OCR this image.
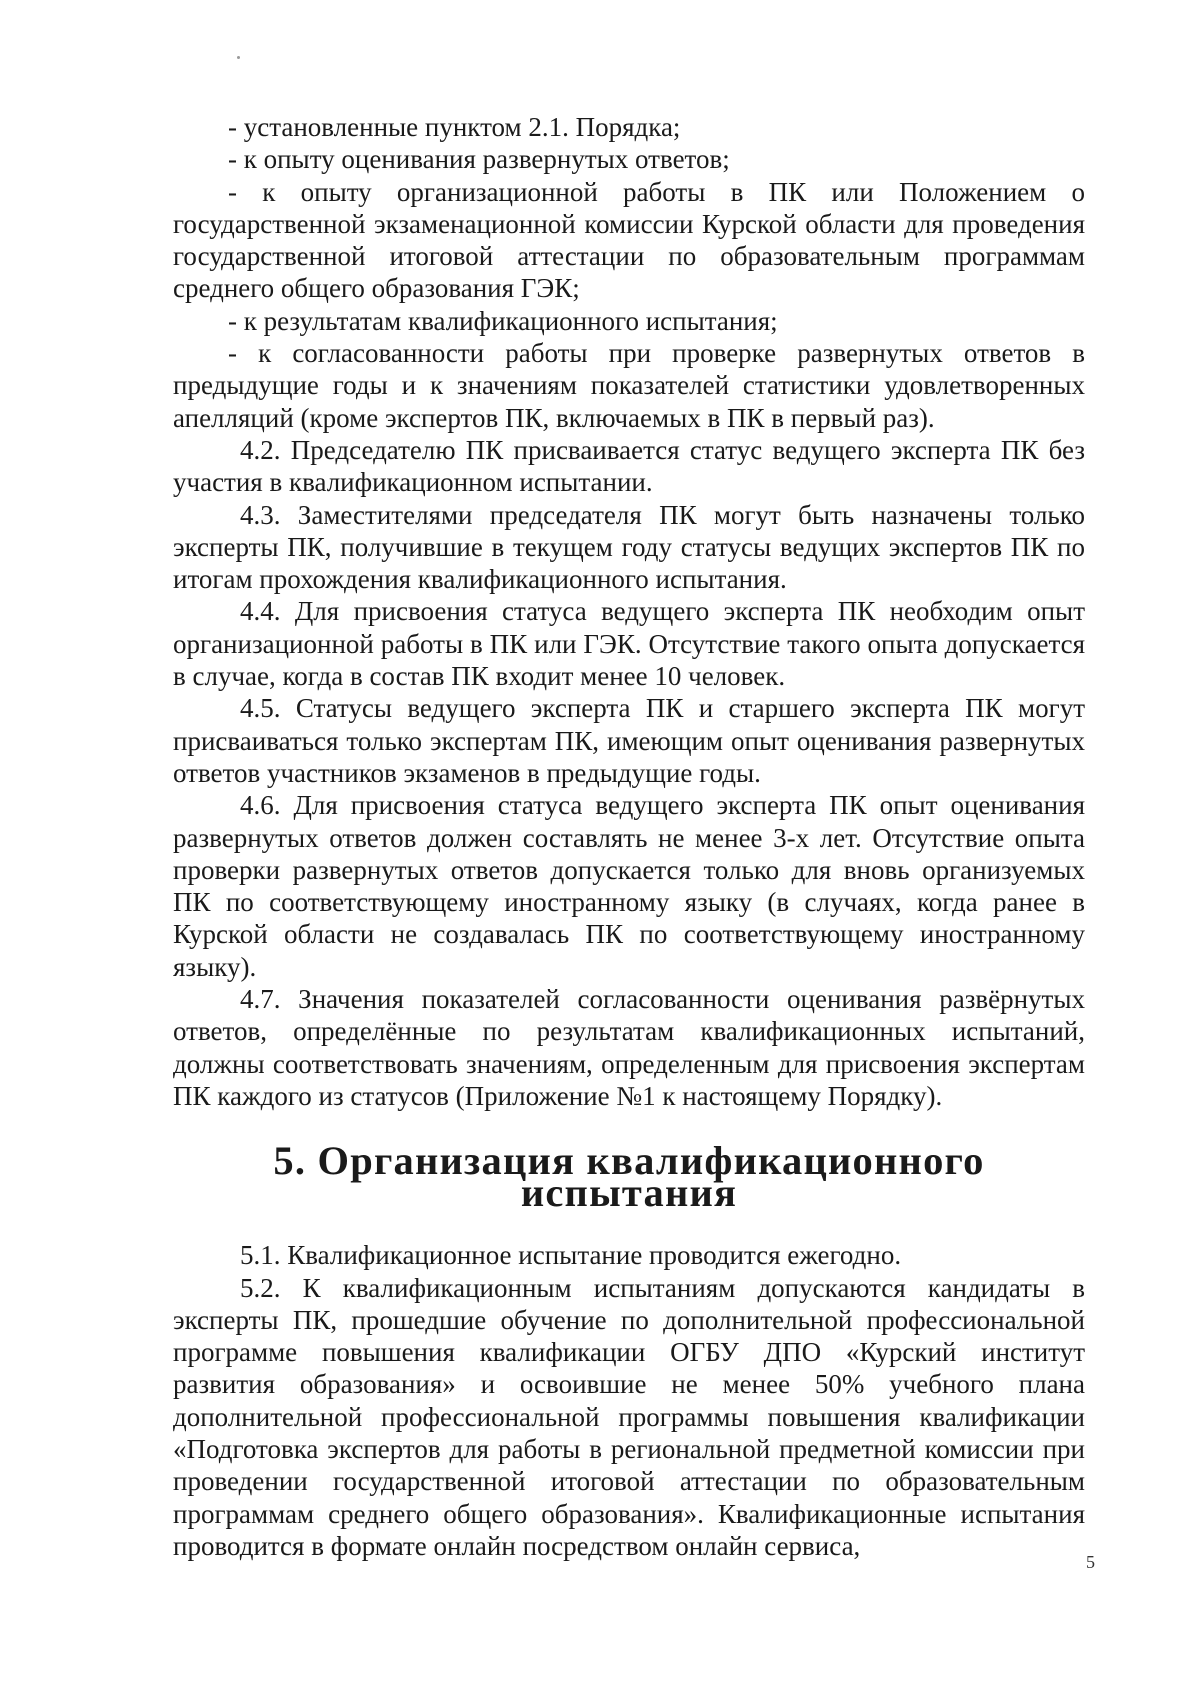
- установленные пунктом 2.1. Порядка;

- к опыту оценивания развернутых ответов;

- к опыту организационной работы в ПК или Положением о государственной экзаменационной комиссии Курской области для проведения государственной итоговой аттестации по образовательным программам среднего общего образования ГЭК;

- к результатам квалификационного испытания;

- к согласованности работы при проверке развернутых ответов в предыдущие годы и к значениям показателей статистики удовлетворенных апелляций (кроме экспертов ПК, включаемых в ПК в первый раз).

4.2. Председателю ПК присваивается статус ведущего эксперта ПК без участия в квалификационном испытании.

4.3. Заместителями председателя ПК могут быть назначены только эксперты ПК, получившие в текущем году статусы ведущих экспертов ПК по итогам прохождения квалификационного испытания.

4.4. Для присвоения статуса ведущего эксперта ПК необходим опыт организационной работы в ПК или ГЭК. Отсутствие такого опыта допускается в случае, когда в состав ПК входит менее 10 человек.

4.5. Статусы ведущего эксперта ПК и старшего эксперта ПК могут присваиваться только экспертам ПК, имеющим опыт оценивания развернутых ответов участников экзаменов в предыдущие годы.

4.6. Для присвоения статуса ведущего эксперта ПК опыт оценивания развернутых ответов должен составлять не менее 3-х лет. Отсутствие опыта проверки развернутых ответов допускается только для вновь организуемых ПК по соответствующему иностранному языку (в случаях, когда ранее в Курской области не создавалась ПК по соответствующему иностранному языку).

4.7. Значения показателей согласованности оценивания развёрнутых ответов, определённые по результатам квалификационных испытаний, должны соответствовать значениям, определенным для присвоения экспертам ПК каждого из статусов (Приложение №1 к настоящему Порядку).

5. Организация квалификационного испытания

5.1. Квалификационное испытание проводится ежегодно.

5.2. К квалификационным испытаниям допускаются кандидаты в эксперты ПК, прошедшие обучение по дополнительной профессиональной программе повышения квалификации ОГБУ ДПО «Курский институт развития образования» и освоившие не менее 50% учебного плана дополнительной профессиональной программы повышения квалификации «Подготовка экспертов для работы в региональной предметной комиссии при проведении государственной итоговой аттестации по образовательным программам среднего общего образования». Квалификационные испытания проводится в формате онлайн посредством онлайн сервиса,

5
